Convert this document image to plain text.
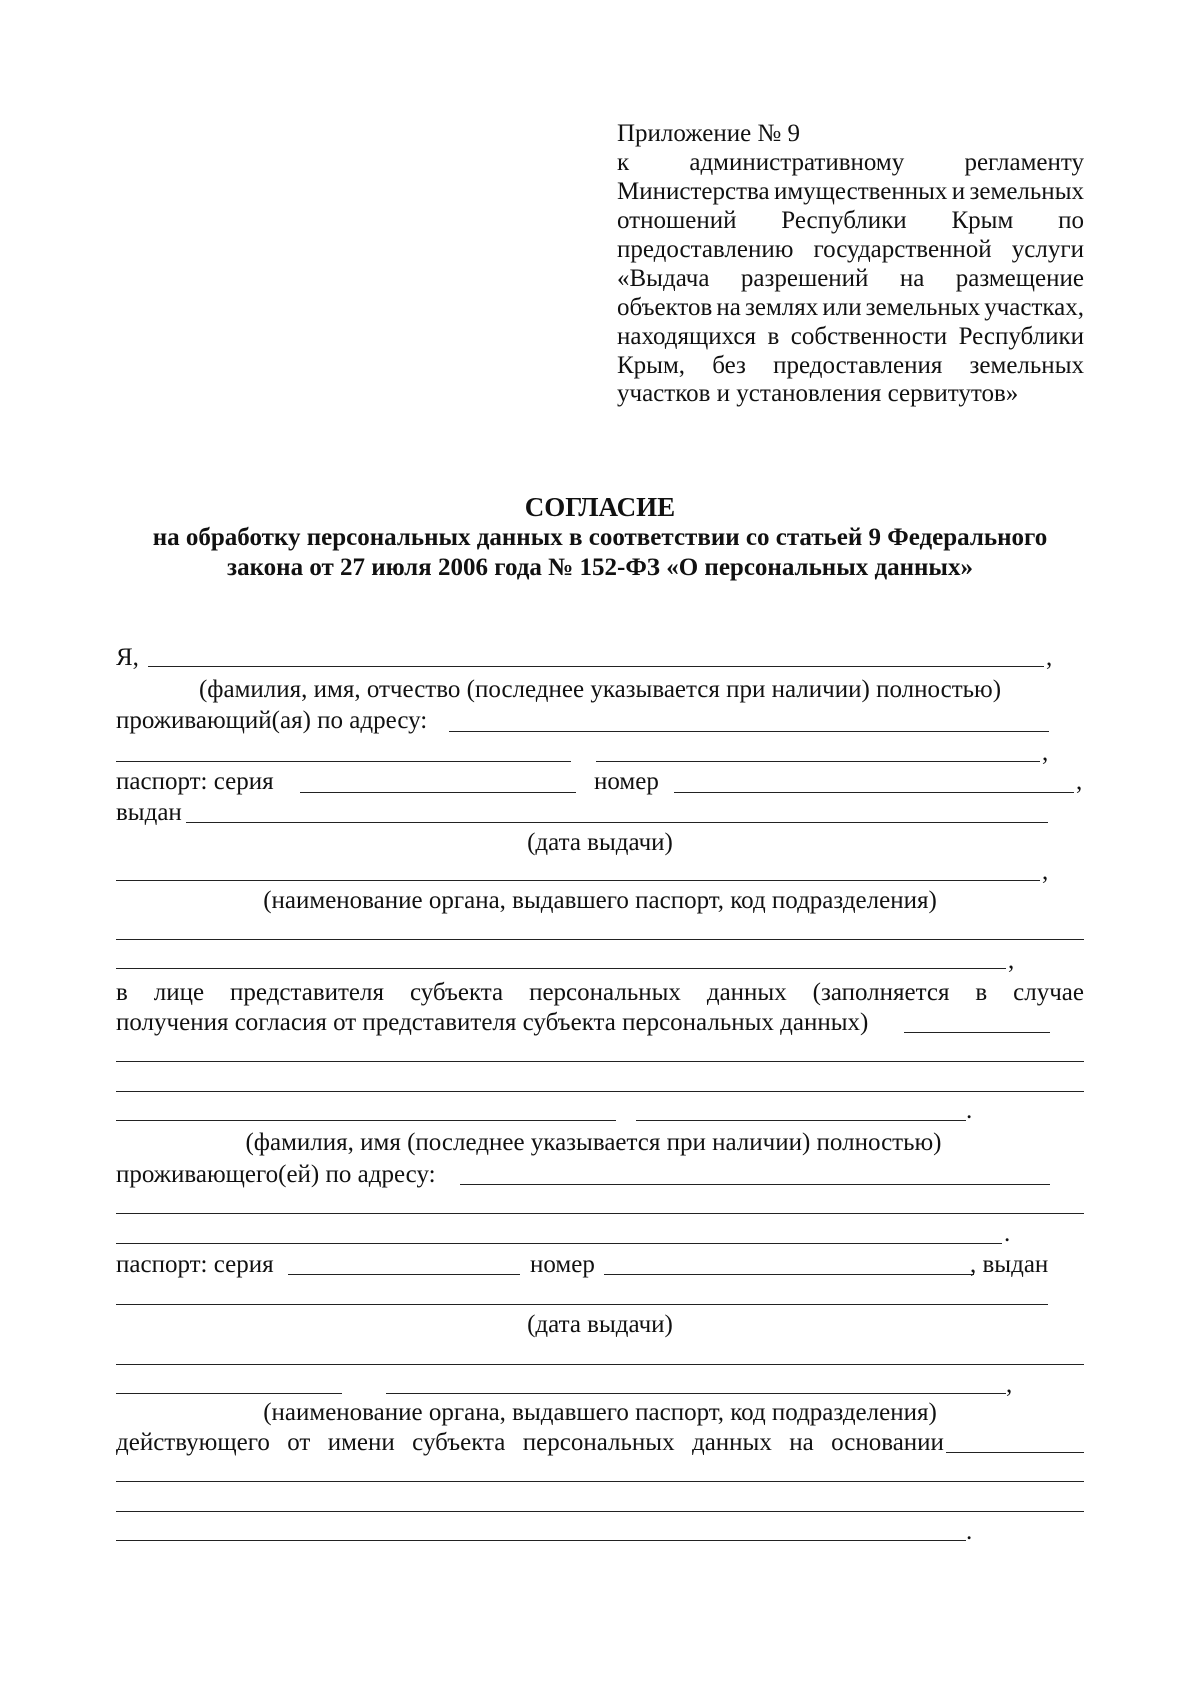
Приложение № 9
к административному регламенту
Министерства имущественных и земельных
отношений Республики Крым по
предоставлению государственной услуги
«Выдача разрешений на размещение
объектов на землях или земельных участках,
находящихся в собственности Республики
Крым, без предоставления земельных
участков и установления сервитутов»
СОГЛАСИЕ
на обработку персональных данных в соответствии со статьей 9 Федерального
закона от 27 июля 2006 года № 152-ФЗ «О персональных данных»
Я,	,
(фамилия, имя, отчество (последнее указывается при наличии) полностью)
проживающий(ая) по адресу:
,
паспорт: серия	номер	,
выдан
(дата выдачи)
,
(наименование органа, выдавшего паспорт, код подразделения)
,
в лице представителя субъекта персональных данных (заполняется в случае
получения согласия от представителя субъекта персональных данных)
.
(фамилия, имя (последнее указывается при наличии) полностью)
проживающего(ей) по адресу:
.
паспорт: серия	номер	, выдан
(дата выдачи)
,
(наименование органа, выдавшего паспорт, код подразделения)
действующего от имени субъекта персональных данных на основании
.
